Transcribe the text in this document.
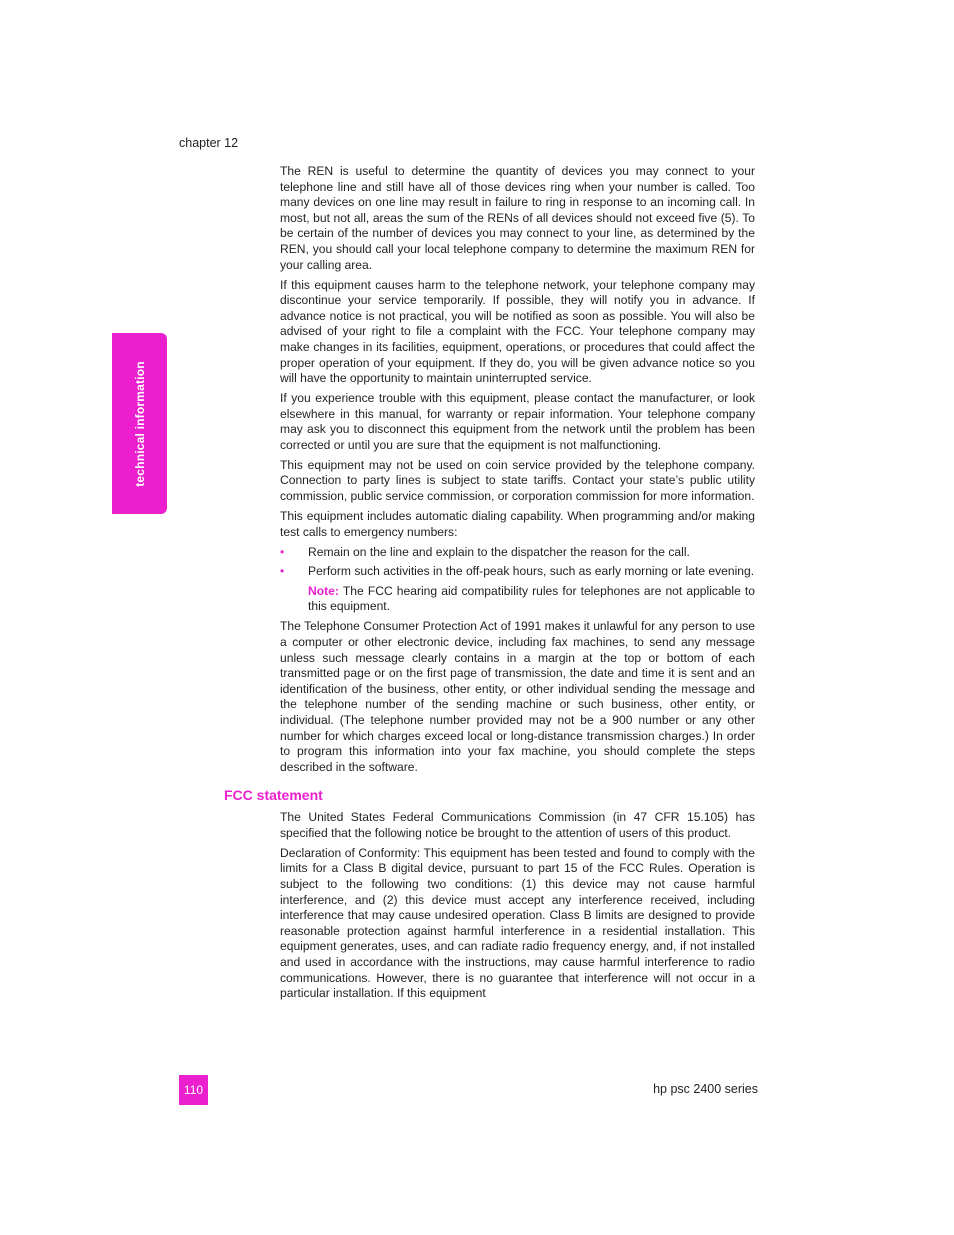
chapter 12
technical information

The REN is useful to determine the quantity of devices you may connect to your telephone line and still have all of those devices ring when your number is called. Too many devices on one line may result in failure to ring in response to an incoming call. In most, but not all, areas the sum of the RENs of all devices should not exceed five (5). To be certain of the number of devices you may connect to your line, as determined by the REN, you should call your local telephone company to determine the maximum REN for your calling area.

If this equipment causes harm to the telephone network, your telephone company may discontinue your service temporarily. If possible, they will notify you in advance. If advance notice is not practical, you will be notified as soon as possible. You will also be advised of your right to file a complaint with the FCC. Your telephone company may make changes in its facilities, equipment, operations, or procedures that could affect the proper operation of your equipment. If they do, you will be given advance notice so you will have the opportunity to maintain uninterrupted service.

If you experience trouble with this equipment, please contact the manufacturer, or look elsewhere in this manual, for warranty or repair information. Your telephone company may ask you to disconnect this equipment from the network until the problem has been corrected or until you are sure that the equipment is not malfunctioning.

This equipment may not be used on coin service provided by the telephone company. Connection to party lines is subject to state tariffs. Contact your state’s public utility commission, public service commission, or corporation commission for more information.

This equipment includes automatic dialing capability. When programming and/or making test calls to emergency numbers:

• Remain on the line and explain to the dispatcher the reason for the call.
• Perform such activities in the off-peak hours, such as early morning or late evening.

Note: The FCC hearing aid compatibility rules for telephones are not applicable to this equipment.

The Telephone Consumer Protection Act of 1991 makes it unlawful for any person to use a computer or other electronic device, including fax machines, to send any message unless such message clearly contains in a margin at the top or bottom of each transmitted page or on the first page of transmission, the date and time it is sent and an identification of the business, other entity, or other individual sending the message and the telephone number of the sending machine or such business, other entity, or individual. (The telephone number provided may not be a 900 number or any other number for which charges exceed local or long-distance transmission charges.) In order to program this information into your fax machine, you should complete the steps described in the software.

FCC statement

The United States Federal Communications Commission (in 47 CFR 15.105) has specified that the following notice be brought to the attention of users of this product.

Declaration of Conformity: This equipment has been tested and found to comply with the limits for a Class B digital device, pursuant to part 15 of the FCC Rules. Operation is subject to the following two conditions: (1) this device may not cause harmful interference, and (2) this device must accept any interference received, including interference that may cause undesired operation. Class B limits are designed to provide reasonable protection against harmful interference in a residential installation. This equipment generates, uses, and can radiate radio frequency energy, and, if not installed and used in accordance with the instructions, may cause harmful interference to radio communications. However, there is no guarantee that interference will not occur in a particular installation. If this equipment

110	hp psc 2400 series
